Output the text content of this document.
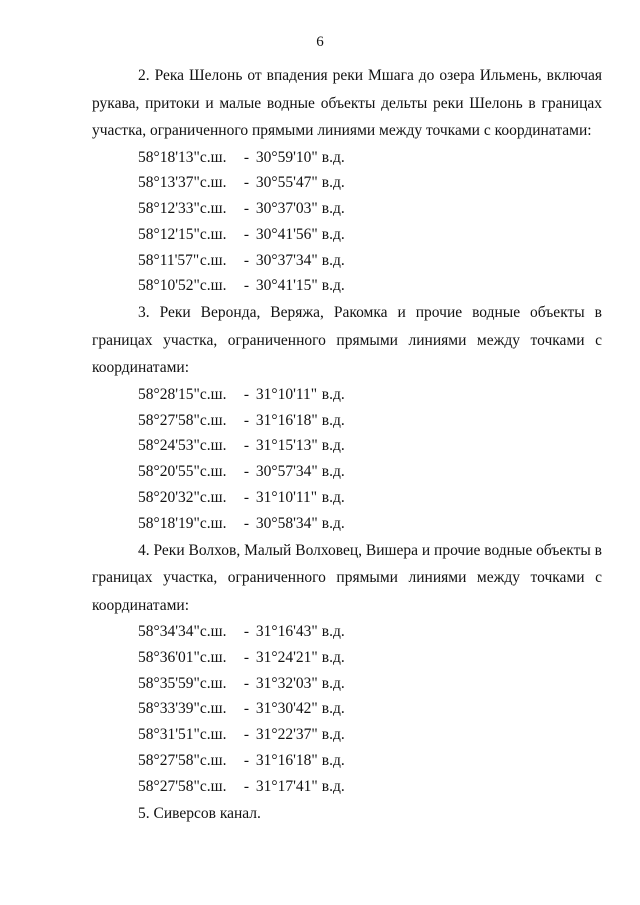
6
2. Река Шелонь от впадения реки Мшага до озера Ильмень, включая рукава, притоки и малые водные объекты дельты реки Шелонь в границах участка, ограниченного прямыми линиями между точками с координатами:
58°18'13" с.ш. - 30°59'10" в.д.
58°13'37" с.ш. - 30°55'47" в.д.
58°12'33" с.ш. - 30°37'03" в.д.
58°12'15" с.ш. - 30°41'56" в.д.
58°11'57" с.ш. - 30°37'34" в.д.
58°10'52" с.ш. - 30°41'15" в.д.
3. Реки Веронда, Веряжа, Ракомка и прочие водные объекты в границах участка, ограниченного прямыми линиями между точками с координатами:
58°28'15" с.ш. - 31°10'11" в.д.
58°27'58" с.ш. - 31°16'18" в.д.
58°24'53" с.ш. - 31°15'13" в.д.
58°20'55" с.ш. - 30°57'34" в.д.
58°20'32" с.ш. - 31°10'11" в.д.
58°18'19" с.ш. - 30°58'34" в.д.
4. Реки Волхов, Малый Волховец, Вишера и прочие водные объекты в границах участка, ограниченного прямыми линиями между точками с координатами:
58°34'34" с.ш. - 31°16'43" в.д.
58°36'01" с.ш. - 31°24'21" в.д.
58°35'59" с.ш. - 31°32'03" в.д.
58°33'39" с.ш. - 31°30'42" в.д.
58°31'51" с.ш. - 31°22'37" в.д.
58°27'58" с.ш. - 31°16'18" в.д.
58°27'58" с.ш. - 31°17'41" в.д.
5. Сиверсов канал.
